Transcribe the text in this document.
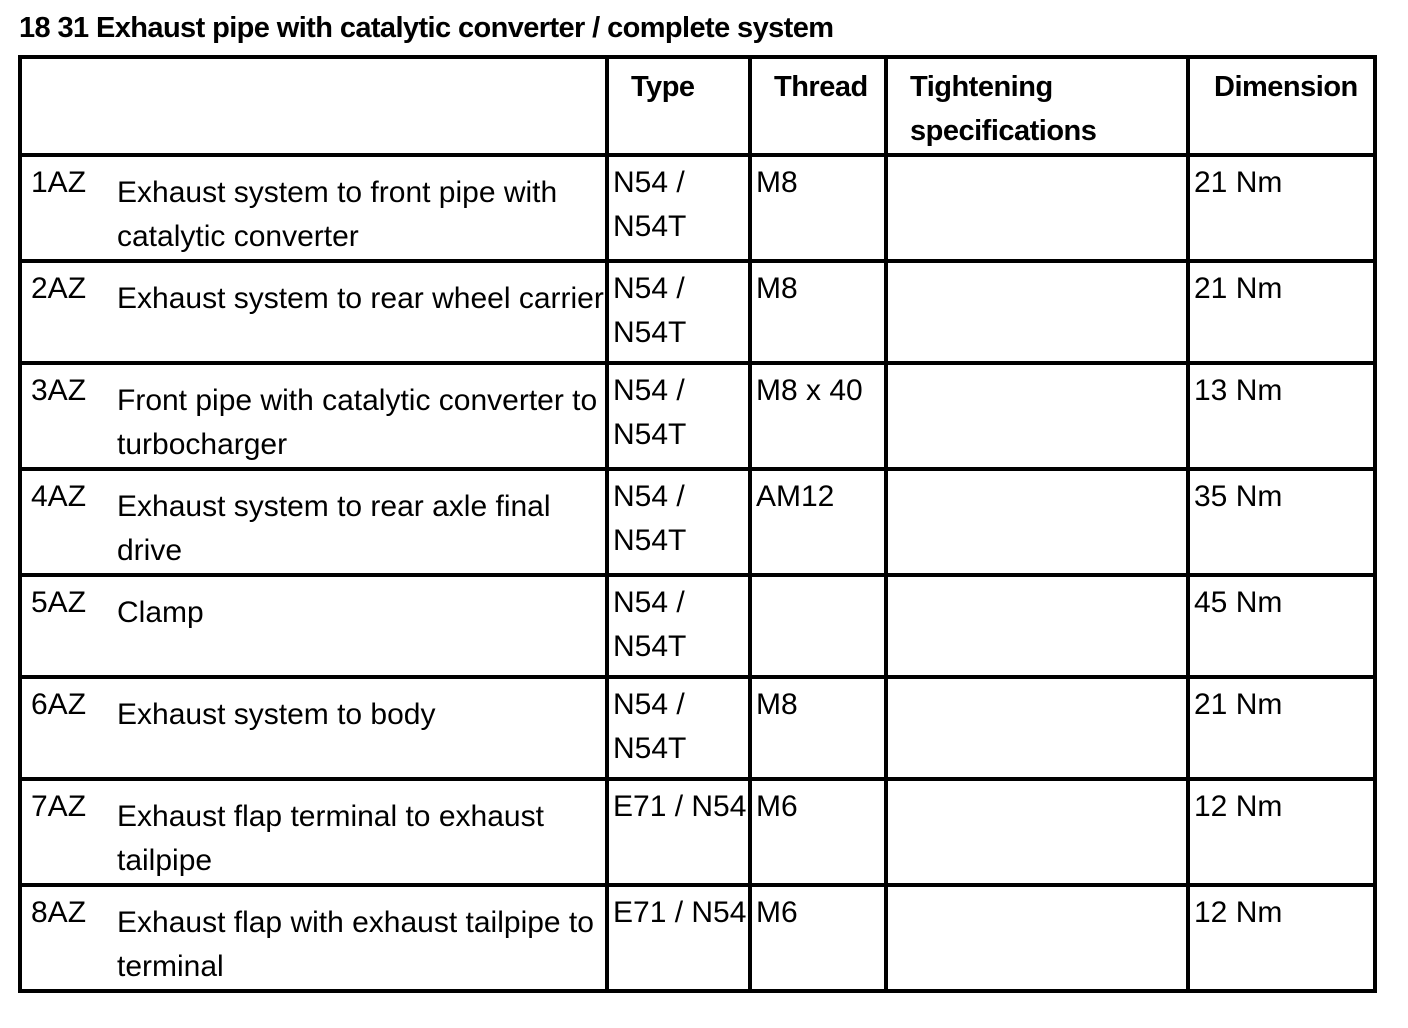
18 31 Exhaust pipe with catalytic converter / complete system
	Type	Thread	Tightening specifications	Dimension

1AZ Exhaust system to front pipe with catalytic converter	N54 / N54T	M8		21 Nm

2AZ Exhaust system to rear wheel carrier	N54 / N54T	M8		21 Nm

3AZ Front pipe with catalytic converter to turbocharger	N54 / N54T	M8 x 40		13 Nm

4AZ Exhaust system to rear axle final drive	N54 / N54T	AM12		35 Nm

5AZ Clamp	N54 / N54T			45 Nm

6AZ Exhaust system to body	N54 / N54T	M8		21 Nm

7AZ Exhaust flap terminal to exhaust tailpipe	E71 / N54	M6		12 Nm

8AZ Exhaust flap with exhaust tailpipe to terminal	E71 / N54	M6		12 Nm
